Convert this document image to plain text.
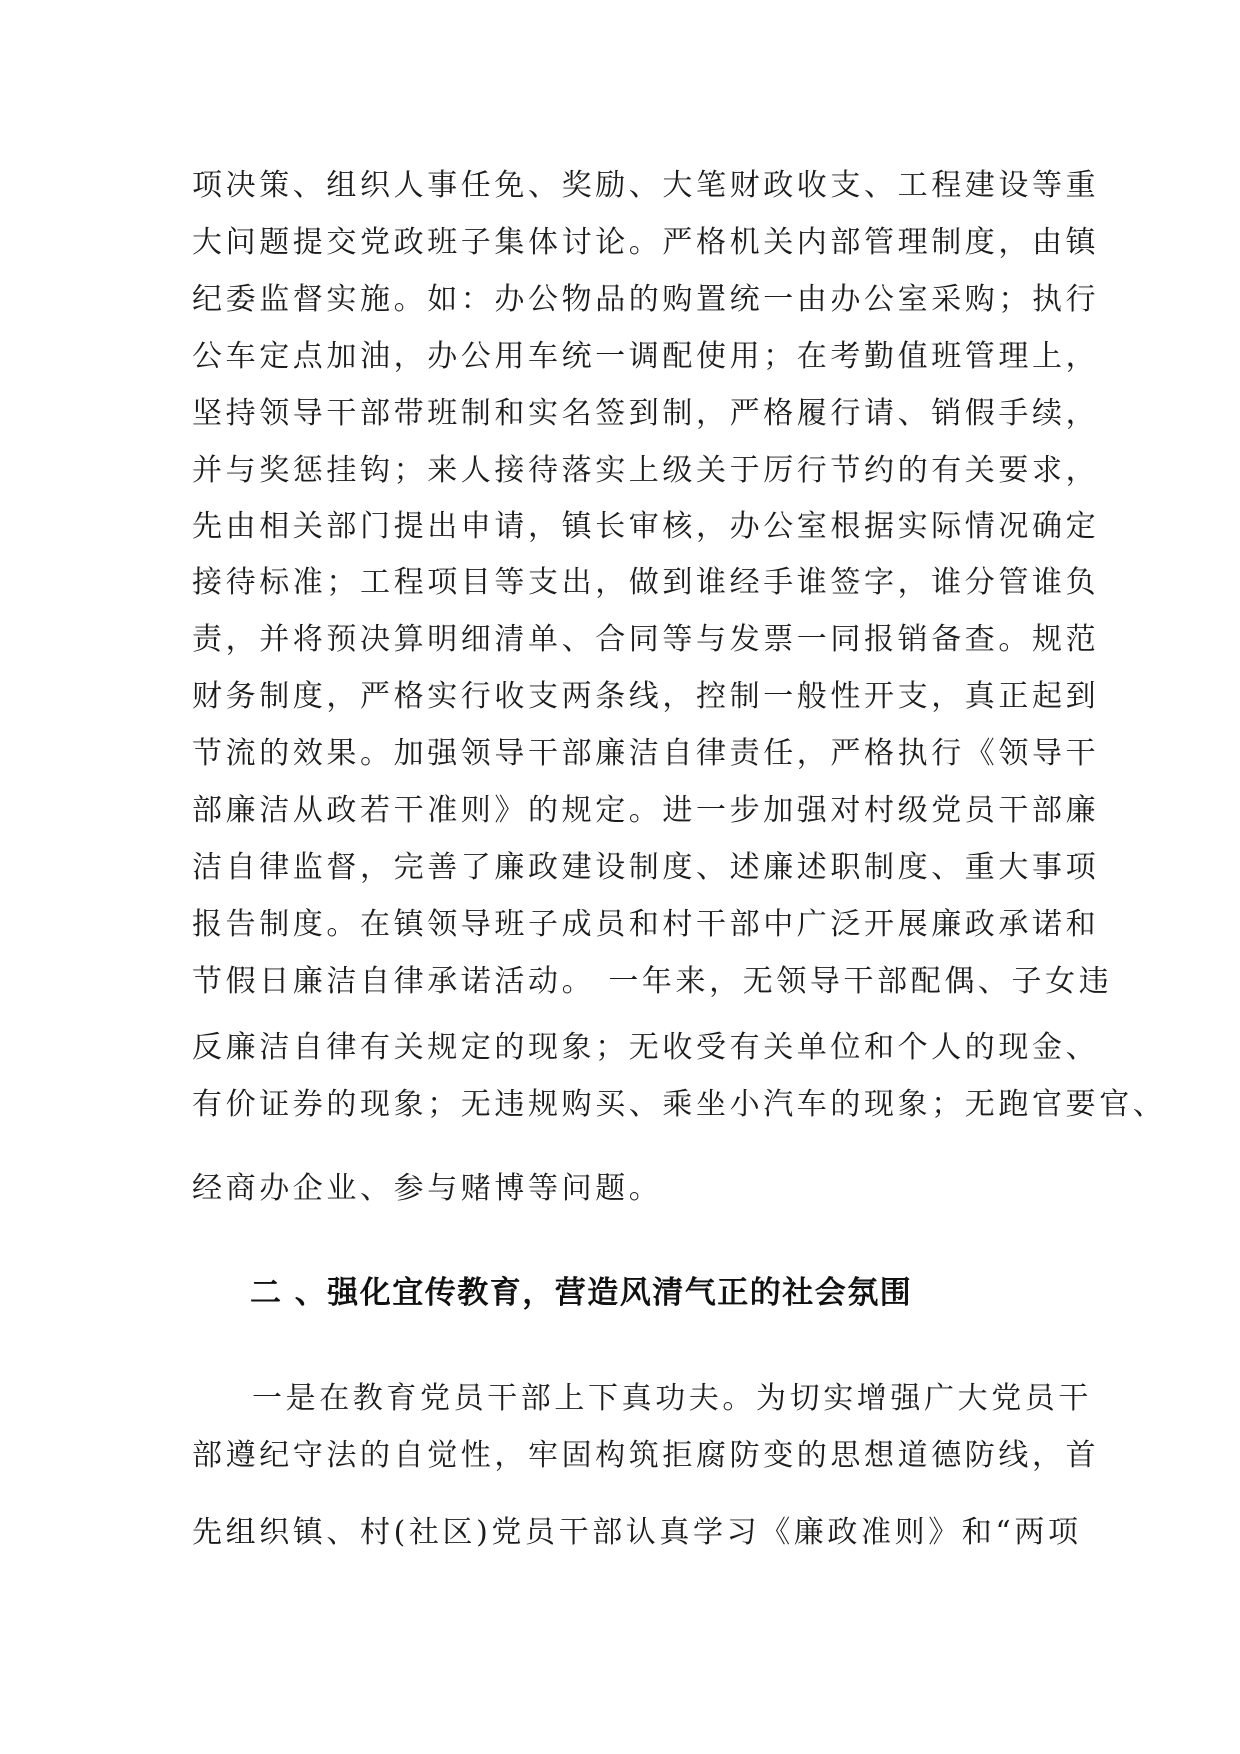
项决策、组织人事任免、奖励、大笔财政收支、工程建设等重
大问题提交党政班子集体讨论。严格机关内部管理制度，由镇
纪委监督实施。如：办公物品的购置统一由办公室采购；执行
公车定点加油，办公用车统一调配使用；在考勤值班管理上，
坚持领导干部带班制和实名签到制，严格履行请、销假手续，
并与奖惩挂钩；来人接待落实上级关于厉行节约的有关要求，
先由相关部门提出申请，镇长审核，办公室根据实际情况确定
接待标准；工程项目等支出，做到谁经手谁签字，谁分管谁负
责，并将预决算明细清单、合同等与发票一同报销备查。规范
财务制度，严格实行收支两条线，控制一般性开支，真正起到
节流的效果。加强领导干部廉洁自律责任，严格执行《领导干
部廉洁从政若干准则》的规定。进一步加强对村级党员干部廉
洁自律监督，完善了廉政建设制度、述廉述职制度、重大事项
报告制度。在镇领导班子成员和村干部中广泛开展廉政承诺和
节假日廉洁自律承诺活动。 一年来，无领导干部配偶、子女违
反廉洁自律有关规定的现象；无收受有关单位和个人的现金、
有价证券的现象；无违规购买、乘坐小汽车的现象；无跑官要官、
经商办企业、参与赌博等问题。
二 、强化宜传教育，营造风清气正的社会氛围
一是在教育党员干部上下真功夫。为切实增强广大党员干
部遵纪守法的自觉性，牢固构筑拒腐防变的思想道德防线，首
先组织镇、村(社区)党员干部认真学习《廉政准则》和“两项
